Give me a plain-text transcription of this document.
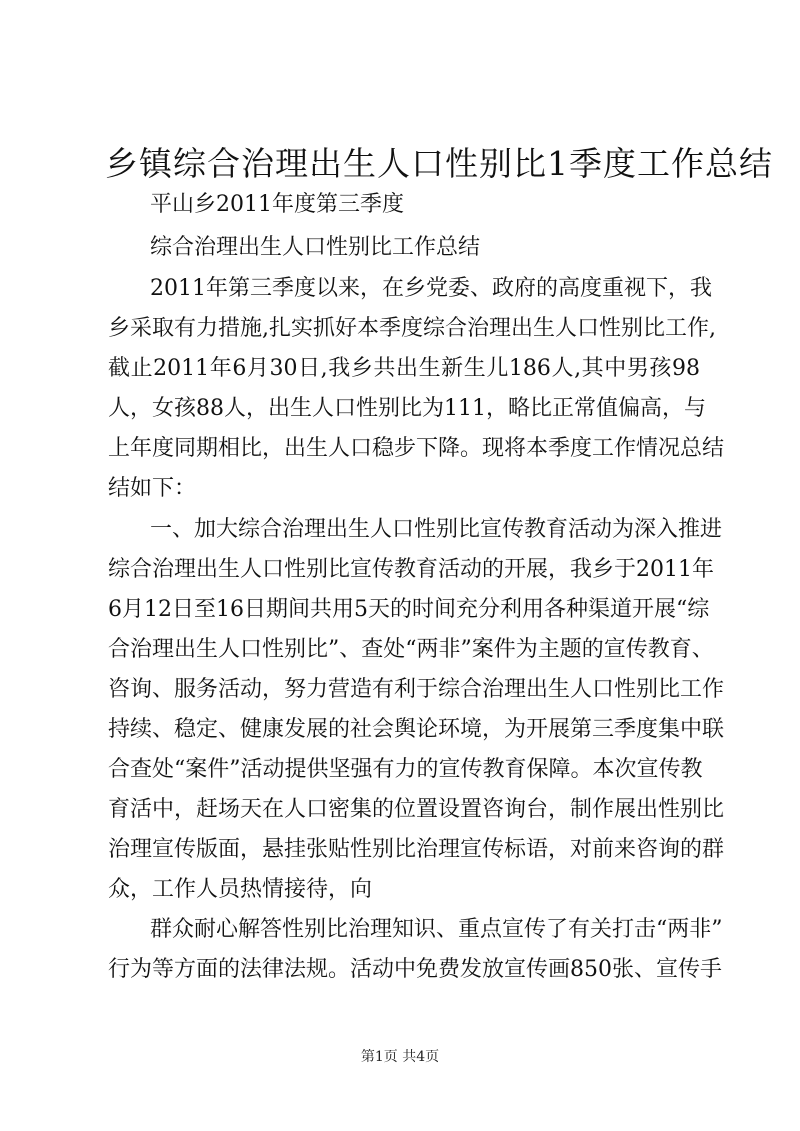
乡镇综合治理出生人口性别比1季度工作总结

平山乡2011年度第三季度

综合治理出生人口性别比工作总结

2011年第三季度以来，在乡党委、政府的高度重视下，我

乡采取有力措施,扎实抓好本季度综合治理出生人口性别比工作,

截止2011年6月30日,我乡共出生新生儿186人,其中男孩98

人，女孩88人，出生人口性别比为111，略比正常值偏高，与

上年度同期相比，出生人口稳步下降。现将本季度工作情况总结

结如下：

一、加大综合治理出生人口性别比宣传教育活动为深入推进

综合治理出生人口性别比宣传教育活动的开展，我乡于2011年

6月12日至16日期间共用5天的时间充分利用各种渠道开展“综

合治理出生人口性别比”、查处“两非”案件为主题的宣传教育、

咨询、服务活动，努力营造有利于综合治理出生人口性别比工作

持续、稳定、健康发展的社会舆论环境，为开展第三季度集中联

合查处“案件”活动提供坚强有力的宣传教育保障。本次宣传教

育活中，赶场天在人口密集的位置设置咨询台，制作展出性别比

治理宣传版面，悬挂张贴性别比治理宣传标语，对前来咨询的群

众，工作人员热情接待，向

群众耐心解答性别比治理知识、重点宣传了有关打击“两非”

行为等方面的法律法规。活动中免费发放宣传画850张、宣传手

第1页 共4页
